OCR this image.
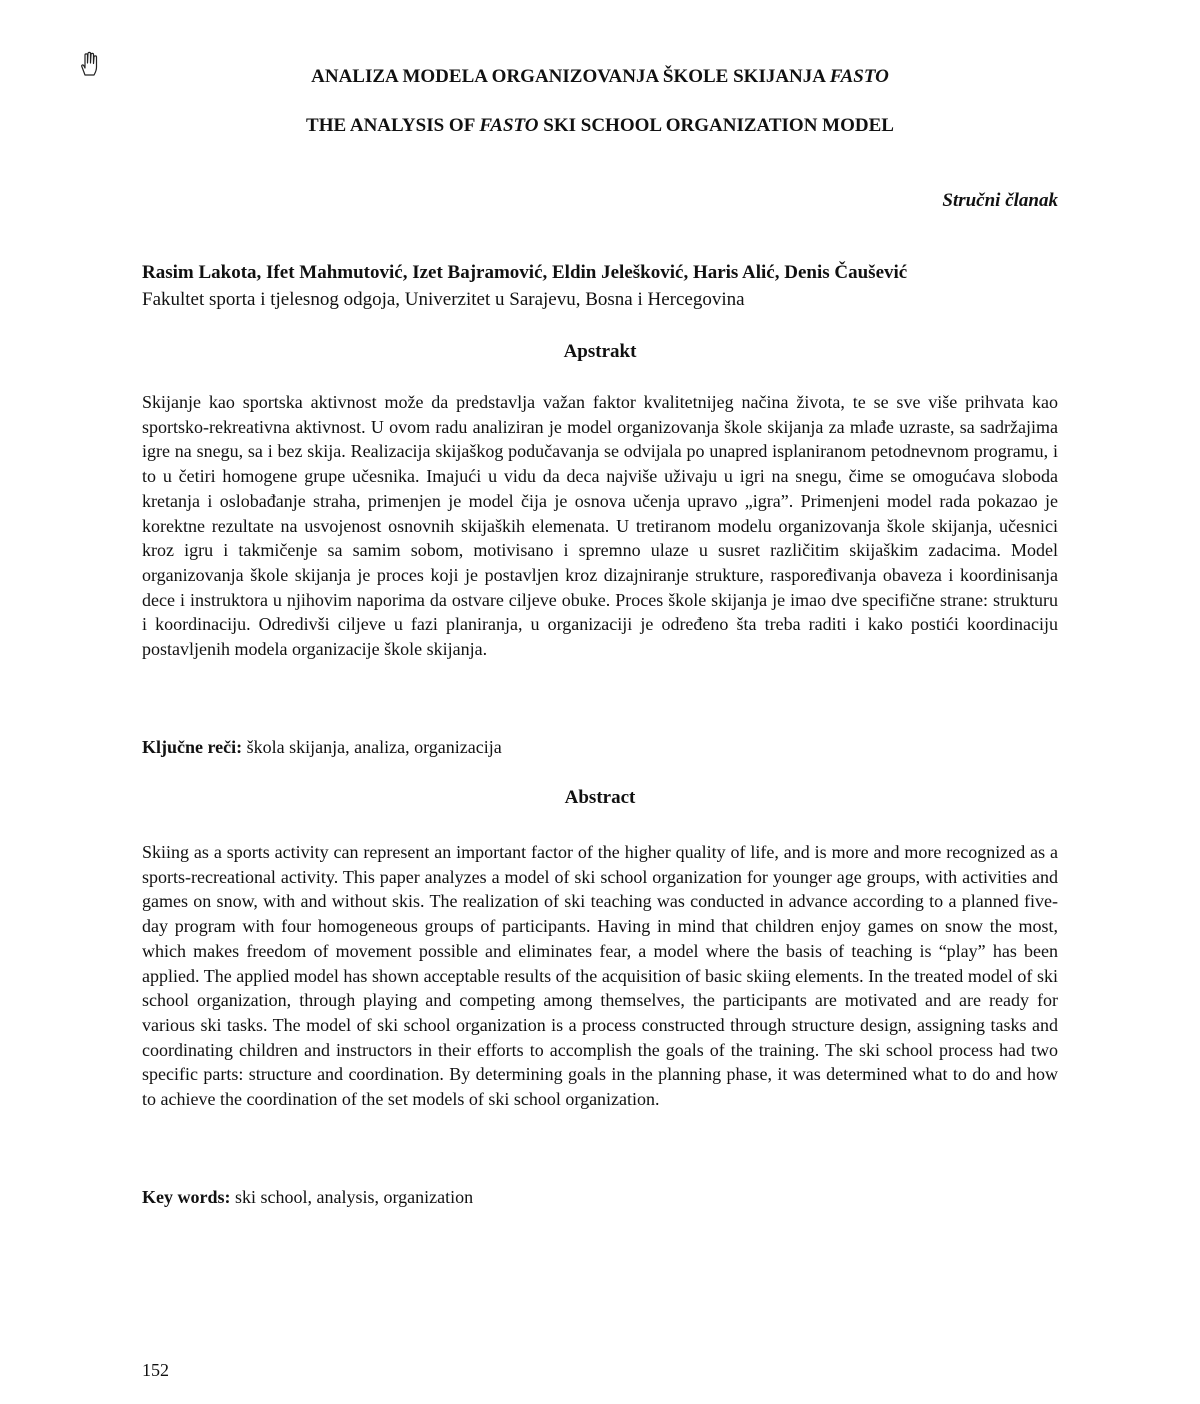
ANALIZA MODELA ORGANIZOVANJA ŠKOLE SKIJANJA FASTO
THE ANALYSIS OF FASTO SKI SCHOOL ORGANIZATION MODEL
Stručni članak
Rasim Lakota, Ifet Mahmutović, Izet Bajramović, Eldin Jelešković, Haris Alić, Denis Čaušević
Fakultet sporta i tjelesnog odgoja, Univerzitet u Sarajevu, Bosna i Hercegovina
Apstrakt

Skijanje kao sportska aktivnost može da predstavlja važan faktor kvalitetnijeg načina života, te se sve više prihvata kao sportsko-rekreativna aktivnost. U ovom radu analiziran je model organizovanja škole skijanja za mlađe uzraste, sa sadržajima igre na snegu, sa i bez skija. Realizacija skijaškog podučavanja se odvijala po unapred isplaniranom petodnevnom programu, i to u četiri homogene grupe učesnika. Imajući u vidu da deca najviše uživaju u igri na snegu, čime se omogućava sloboda kretanja i oslobađanje straha, primenjen je model čija je osnova učenja upravo „igra”. Primenjeni model rada pokazao je korektne rezultate na usvojenost osnovnih skijaških elemenata. U tretiranom modelu organizovanja škole skijanja, učesnici kroz igru i takmičenje sa samim sobom, motivisano i spremno ulaze u susret različitim skijaškim zadacima. Model organizovanja škole skijanja je proces koji je postavljen kroz dizajniranje strukture, raspoređivanja obaveza i koordinisanja dece i instruktora u njihovim naporima da ostvare ciljeve obuke. Proces škole skijanja je imao dve specifične strane: strukturu i koordinaciju. Odredivši ciljeve u fazi planiranja, u organizaciji je određeno šta treba raditi i kako postići koordinaciju postavljenih modela organizacije škole skijanja.

Ključne reči: škola skijanja, analiza, organizacija
Abstract

Skiing as a sports activity can represent an important factor of the higher quality of life, and is more and more recognized as a sports-recreational activity. This paper analyzes a model of ski school organization for younger age groups, with activities and games on snow, with and without skis. The realization of ski teaching was conducted in advance according to a planned five-day program with four homogeneous groups of participants. Having in mind that children enjoy games on snow the most, which makes freedom of movement possible and eliminates fear, a model where the basis of teaching is “play” has been applied. The applied model has shown acceptable results of the acquisition of basic skiing elements. In the treated model of ski school organization, through playing and competing among themselves, the participants are motivated and are ready for various ski tasks. The model of ski school organization is a process constructed through structure design, assigning tasks and coordinating children and instructors in their efforts to accomplish the goals of the training. The ski school process had two specific parts: structure and coordination. By determining goals in the planning phase, it was determined what to do and how to achieve the coordination of the set models of ski school organization.

Key words: ski school, analysis, organization
152
